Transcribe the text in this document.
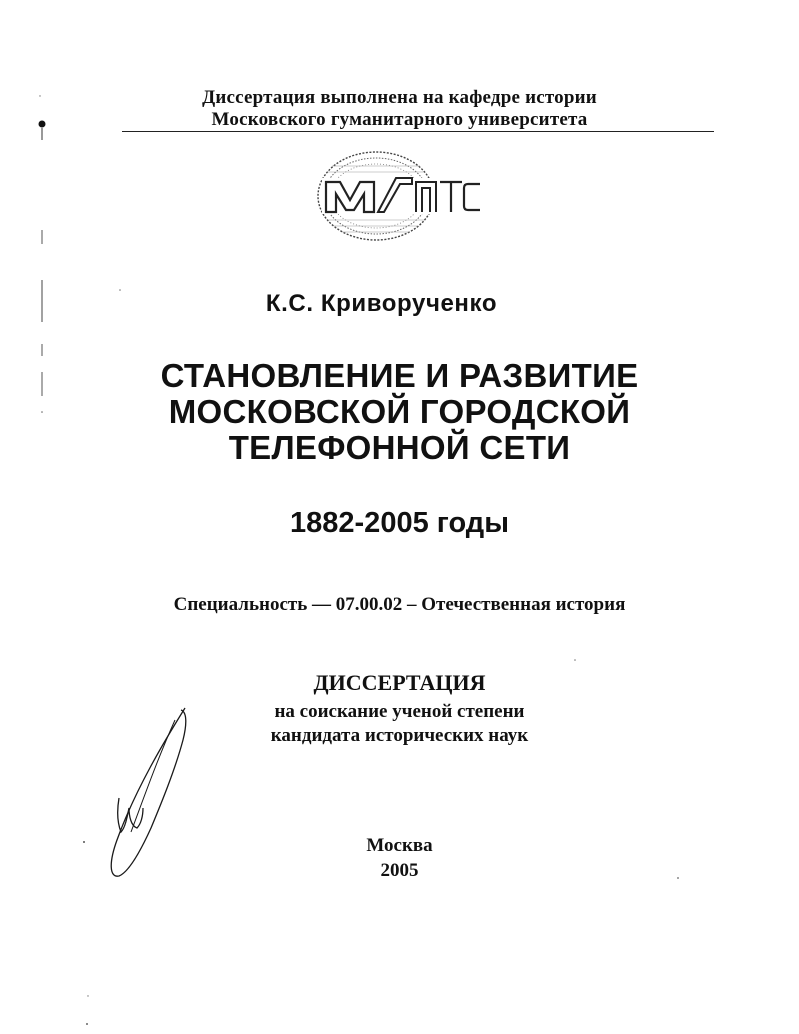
Диссертация выполнена на кафедре истории
Московского гуманитарного университета
К.С. Криворученко
СТАНОВЛЕНИЕ И РАЗВИТИЕ
МОСКОВСКОЙ ГОРОДСКОЙ
ТЕЛЕФОННОЙ СЕТИ
1882-2005 годы
Специальность — 07.00.02 – Отечественная история
ДИССЕРТАЦИЯ
на соискание ученой степени
кандидата исторических наук
Москва
2005
